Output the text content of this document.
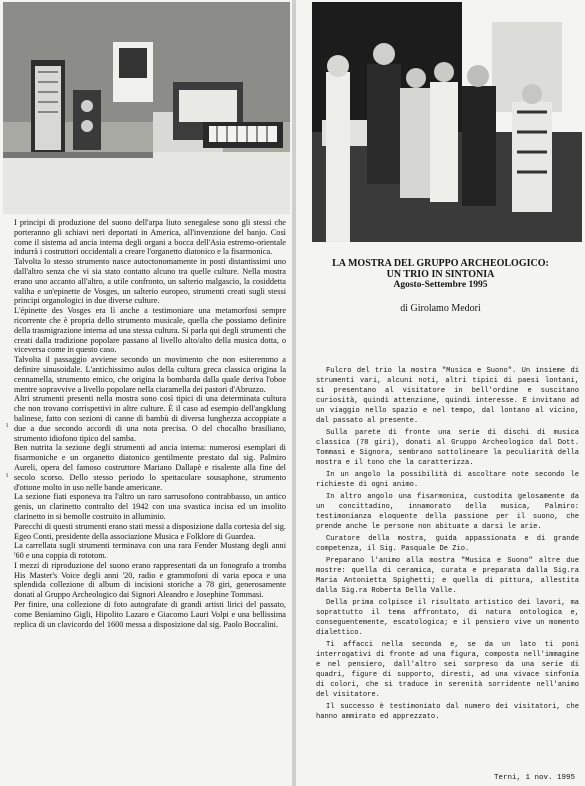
I principi di produzione del suono dell'arpa liuto senegalese sono gli stessi che porteranno gli schiavi neri deportati in America, all'invenzione del banjo. Così come il sistema ad ancia interna degli organi a bocca dell'Asia estremo-orientale indurrà i costruttori occidentali a creare l'organetto diatonico e la fisarmonica.

Talvolta lo stesso strumento nasce autoctonomamente in posti distantissimi uno dall'altro senza che vi sia stato contatto alcuno tra quelle culture. Nella mostra erano uno accanto all'altro, a utile confronto, un salterio malgascio, la cosiddetta valiha e un'epinette de Vosges, un salterio europeo, strumenti creati sugli stessi principi organologici in due diverse culture.

L'épinette des Vosges era lì anche a testimoniare una metamorfosi sempre ricorrente che è propria dello strumento musicale, quella che possiamo definire della trasmigrazione interna ad una stessa cultura. Si parla qui degli strumenti che creati dalla tradizione popolare passano al livello alto/alto della musica dotta, o viceversa come in questo caso.

Talvolta il passaggio avviene secondo un movimento che non esiteremmo a definire sinusoidale. L'antichissimo aulos della cultura greca classica origina la cennamella, strumento etnico, che origina la bombarda dalla quale deriva l'oboe mentre sopravvive a livello popolare nella ciaramella dei pastori d'Abruzzo.

Altri strumenti presenti nella mostra sono così tipici di una determinata cultura che non trovano corrispettivi in altre culture. È il caso ad esempio dell'angklung balinese, fatto con sezioni di canne di bambù di diversa lunghezza accoppiate a due a due secondo accordi di una nota precisa. O del chocalho brasiliano, strumento idiofono tipico del samba.

Ben nutrita la sezione degli strumenti ad ancia interna: numerosi esemplari di fisarmoniche e un organetto diatonico gentilmente prestato dal sig. Palmiro Aureli, opera del famoso costruttore Mariano Dallapè e risalente alla fine del secolo scorso. Dello stesso periodo lo spettacolare sousaphone, strumento d'ottone molto in uso nelle bande americane.

La sezione fiati esponeva tra l'altro un raro sarrusofono contrabbasso, un antico genis, un clarinetto contralto del 1942 con una svastica incisa ed un insolito clarinetto in si bemolle costruito in alluminio.

Parecchi di questi strumenti erano stati messi a disposizione dalla cortesia del sig. Egeo Conti, presidente della associazione Musica e Folklore di Guardea.

La carrellata sugli strumenti terminava con una rara Fender Mustang degli anni '60 e una coppia di rototom.

I mezzi di riproduzione del suono erano rappresentati da un fonografo a tromba His Master's Voice degli anni '20, radio e grammofoni di varia epoca e una splendida collezione di album di incisioni storiche a 78 giri, generosamente donati al Gruppo Archeologico dai Signori Aleandro e Josephine Tommasi.

Per finire, una collezione di foto autografate di grandi artisti lirici del passato, come Beniamino Gigli, Hipolito Lazaro e Giacomo Lauri Volpi e una bellissima replica di un clavicordo del 1600 messa a disposizione dal sig. Paolo Boccalini.

ı
ı
LA MOSTRA DEL GRUPPO ARCHEOLOGICO:
UN TRIO IN SINTONIA
Agosto-Settembre 1995
di Girolamo Medori

Fulcro del trio la mostra "Musica e Suono". Un insieme di strumenti vari, alcuni noti, altri tipici di paesi lontani, si presentano al visitatore in bell'ordine e suscitano curiosità, quindi attenzione, quindi interesse. E invitano ad un viaggio nello spazio e nel tempo, dal lontano al vicino, dal passato al presente.

Sulla parete di fronte una serie di dischi di musica classica (78 giri), donati al Gruppo Archeologico dal Dott. Tommasi e Signora, sembrano sottolineare la peculiarità della mostra e il tono che la caratterizza.

In un angolo la possibilità di ascoltare note secondo le richieste di ogni animo.

In altro angolo una fisarmonica, custodita gelosamente da un concittadino, innamorato della musica, Palmiro: testimonianza eloquente della passione per il suono, che prende anche le persone non abituate a darsi le arie.

Curatore della mostra, guida appassionata e di grande competenza, il Sig. Pasquale De Zio.

Preparano l'animo alla mostra "Musica e Suono" altre due mostre: quella di ceramica, curata e preparata dalla Sig.ra Maria Antonietta Spighetti; e quella di pittura, allestita dalla Sig.ra Roberta Della Valle.

Della prima colpisce il risultato artistico dei lavori, ma soprattutto il tema affrontato, di natura ontologica e, conseguentemente, escatologica; e il pensiero vive un momento dialettico.

Ti affacci nella seconda e, se da un lato ti poni interrogativi di fronte ad una figura, composta nell'immagine e nel pensiero, dall'altro sei sorpreso da una serie di quadri, figure di supporto, diresti, ad una vivace sinfonia di colori, che si traduce in serenità sorridente nell'animo del visitatore.

Il successo è testimoniato dal numero dei visitatori, che hanno ammirato ed apprezzato.

Terni, 1 nov. 1995
